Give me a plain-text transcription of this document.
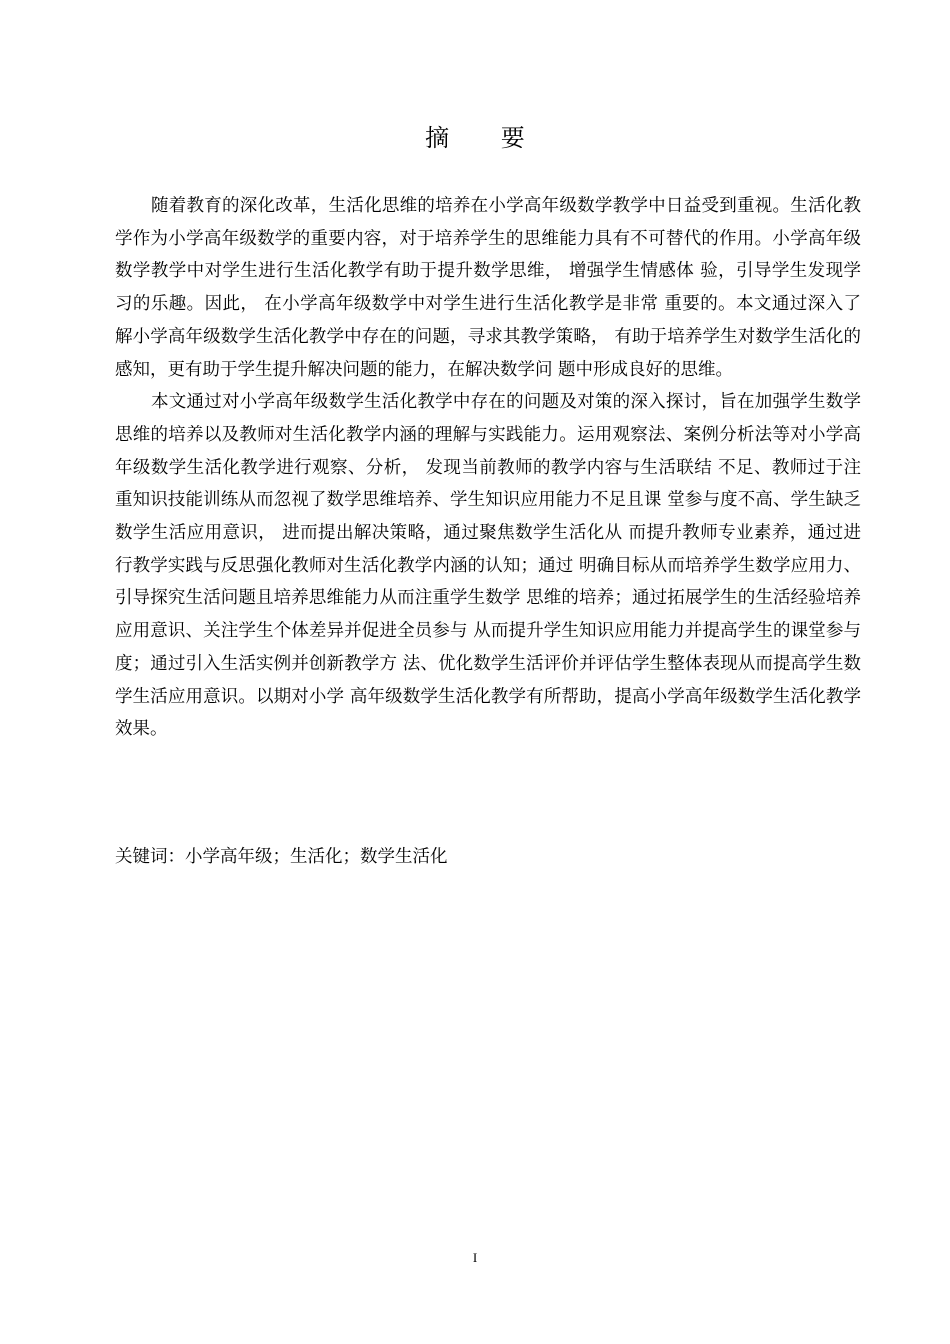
摘 要

随着教育的深化改革，生活化思维的培养在小学高年级数学教学中日益受到重视。生活化教学作为小学高年级数学的重要内容，对于培养学生的思维能力具有不可替代的作用。小学高年级数学教学中对学生进行生活化教学有助于提升数学思维， 增强学生情感体 验，引导学生发现学习的乐趣。因此， 在小学高年级数学中对学生进行生活化教学是非常 重要的。本文通过深入了解小学高年级数学生活化教学中存在的问题，寻求其教学策略， 有助于培养学生对数学生活化的感知，更有助于学生提升解决问题的能力，在解决数学问 题中形成良好的思维。

本文通过对小学高年级数学生活化教学中存在的问题及对策的深入探讨，旨在加强学生数学思维的培养以及教师对生活化教学内涵的理解与实践能力。运用观察法、案例分析法等对小学高年级数学生活化教学进行观察、分析， 发现当前教师的教学内容与生活联结 不足、教师过于注重知识技能训练从而忽视了数学思维培养、学生知识应用能力不足且课 堂参与度不高、学生缺乏数学生活应用意识， 进而提出解决策略，通过聚焦数学生活化从 而提升教师专业素养，通过进行教学实践与反思强化教师对生活化教学内涵的认知；通过 明确目标从而培养学生数学应用力、引导探究生活问题且培养思维能力从而注重学生数学 思维的培养；通过拓展学生的生活经验培养应用意识、关注学生个体差异并促进全员参与 从而提升学生知识应用能力并提高学生的课堂参与度；通过引入生活实例并创新教学方 法、优化数学生活评价并评估学生整体表现从而提高学生数学生活应用意识。以期对小学 高年级数学生活化教学有所帮助，提高小学高年级数学生活化教学效果。

关键词：小学高年级；生活化；数学生活化
I
